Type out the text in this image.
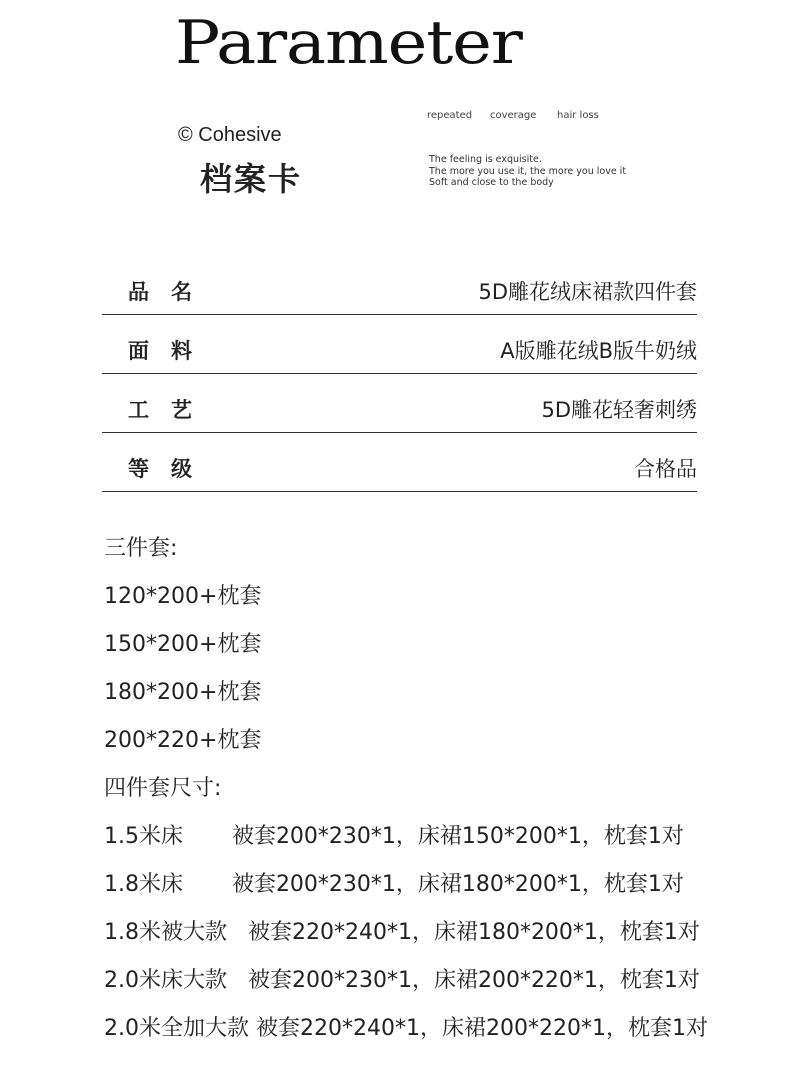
Parameter
© Cohesive
档案卡
repeated coverage hair loss
The feeling is exquisite.
The more you use it, the more you love it
Soft and close to the body
品名	5D雕花绒床裙款四件套
面料	A版雕花绒B版牛奶绒
工艺	5D雕花轻奢刺绣
等级	合格品
三件套:
120*200+枕套
150*200+枕套
180*200+枕套
200*220+枕套
四件套尺寸:
1.5米床       被套200*230*1，床裙150*200*1，枕套1对
1.8米床       被套200*230*1，床裙180*200*1，枕套1对
1.8米被大款   被套220*240*1，床裙180*200*1，枕套1对
2.0米床大款   被套200*230*1，床裙200*220*1，枕套1对
2.0米全加大款 被套220*240*1，床裙200*220*1，枕套1对
